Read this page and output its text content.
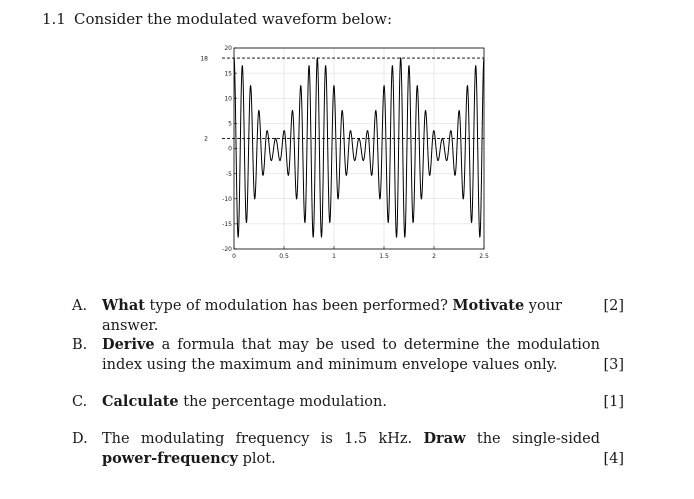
1.1 Consider the modulated waveform below:
18
2
0	0.5	1	1.5	2	2.5
-20
-15
-10
-5
0
5
10
15
20
A. What type of modulation has been performed? Motivate your answer.
[2]
B. Derive a formula that may be used to determine the modulation index using the maximum and minimum envelope values only.	[3]
C. Calculate the percentage modulation.	[1]
D. The modulating frequency is 1.5 kHz. Draw the single-sided power-frequency plot.	[4]
